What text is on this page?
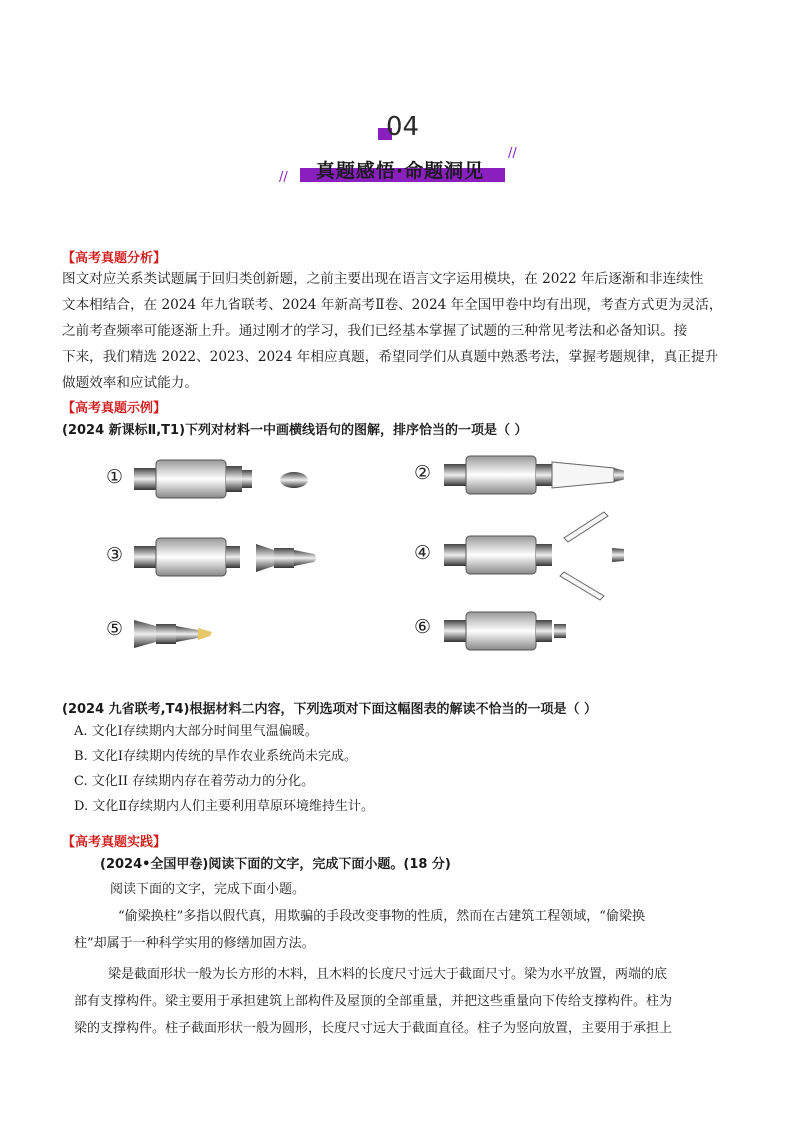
04
//	真题感悟·命题洞见
//
【高考真题分析】

图文对应关系类试题属于回归类创新题，之前主要出现在语言文字运用模块，在 2022 年后逐渐和非连续性

文本相结合，在 2024 年九省联考、2024 年新高考Ⅱ卷、2024 年全国甲卷中均有出现，考查方式更为灵活，

之前考查频率可能逐渐上升。通过刚才的学习，我们已经基本掌握了试题的三种常见考法和必备知识。接

下来，我们精选 2022、2023、2024 年相应真题，希望同学们从真题中熟悉考法，掌握考题规律，真正提升

做题效率和应试能力。

【高考真题示例】
(2024 新课标Ⅱ,T1)下列对材料一中画横线语句的图解，排序恰当的一项是（ ）
①	②
③	④
⑤	⑥
(2024 九省联考,T4)根据材料二内容，下列选项对下面这幅图表的解读不恰当的一项是（ ）
A. 文化Ⅰ存续期内大部分时间里气温偏暖。
B. 文化Ⅰ存续期内传统的旱作农业系统尚未完成。
C. 文化II 存续期内存在着劳动力的分化。
D. 文化Ⅱ存续期内人们主要利用草原环境维持生计。
【高考真题实践】
(2024•全国甲卷)阅读下面的文字，完成下面小题。(18 分)
阅读下面的文字，完成下面小题。

“偷梁换柱”多指以假代真，用欺骗的手段改变事物的性质，然而在古建筑工程领域，“偷梁换

柱”却属于一种科学实用的修缮加固方法。

梁是截面形状一般为长方形的木料，且木料的长度尺寸远大于截面尺寸。梁为水平放置，两端的底

部有支撑构件。梁主要用于承担建筑上部构件及屋顶的全部重量，并把这些重量向下传给支撑构件。柱为

梁的支撑构件。柱子截面形状一般为圆形，长度尺寸远大于截面直径。柱子为竖向放置，主要用于承担上
